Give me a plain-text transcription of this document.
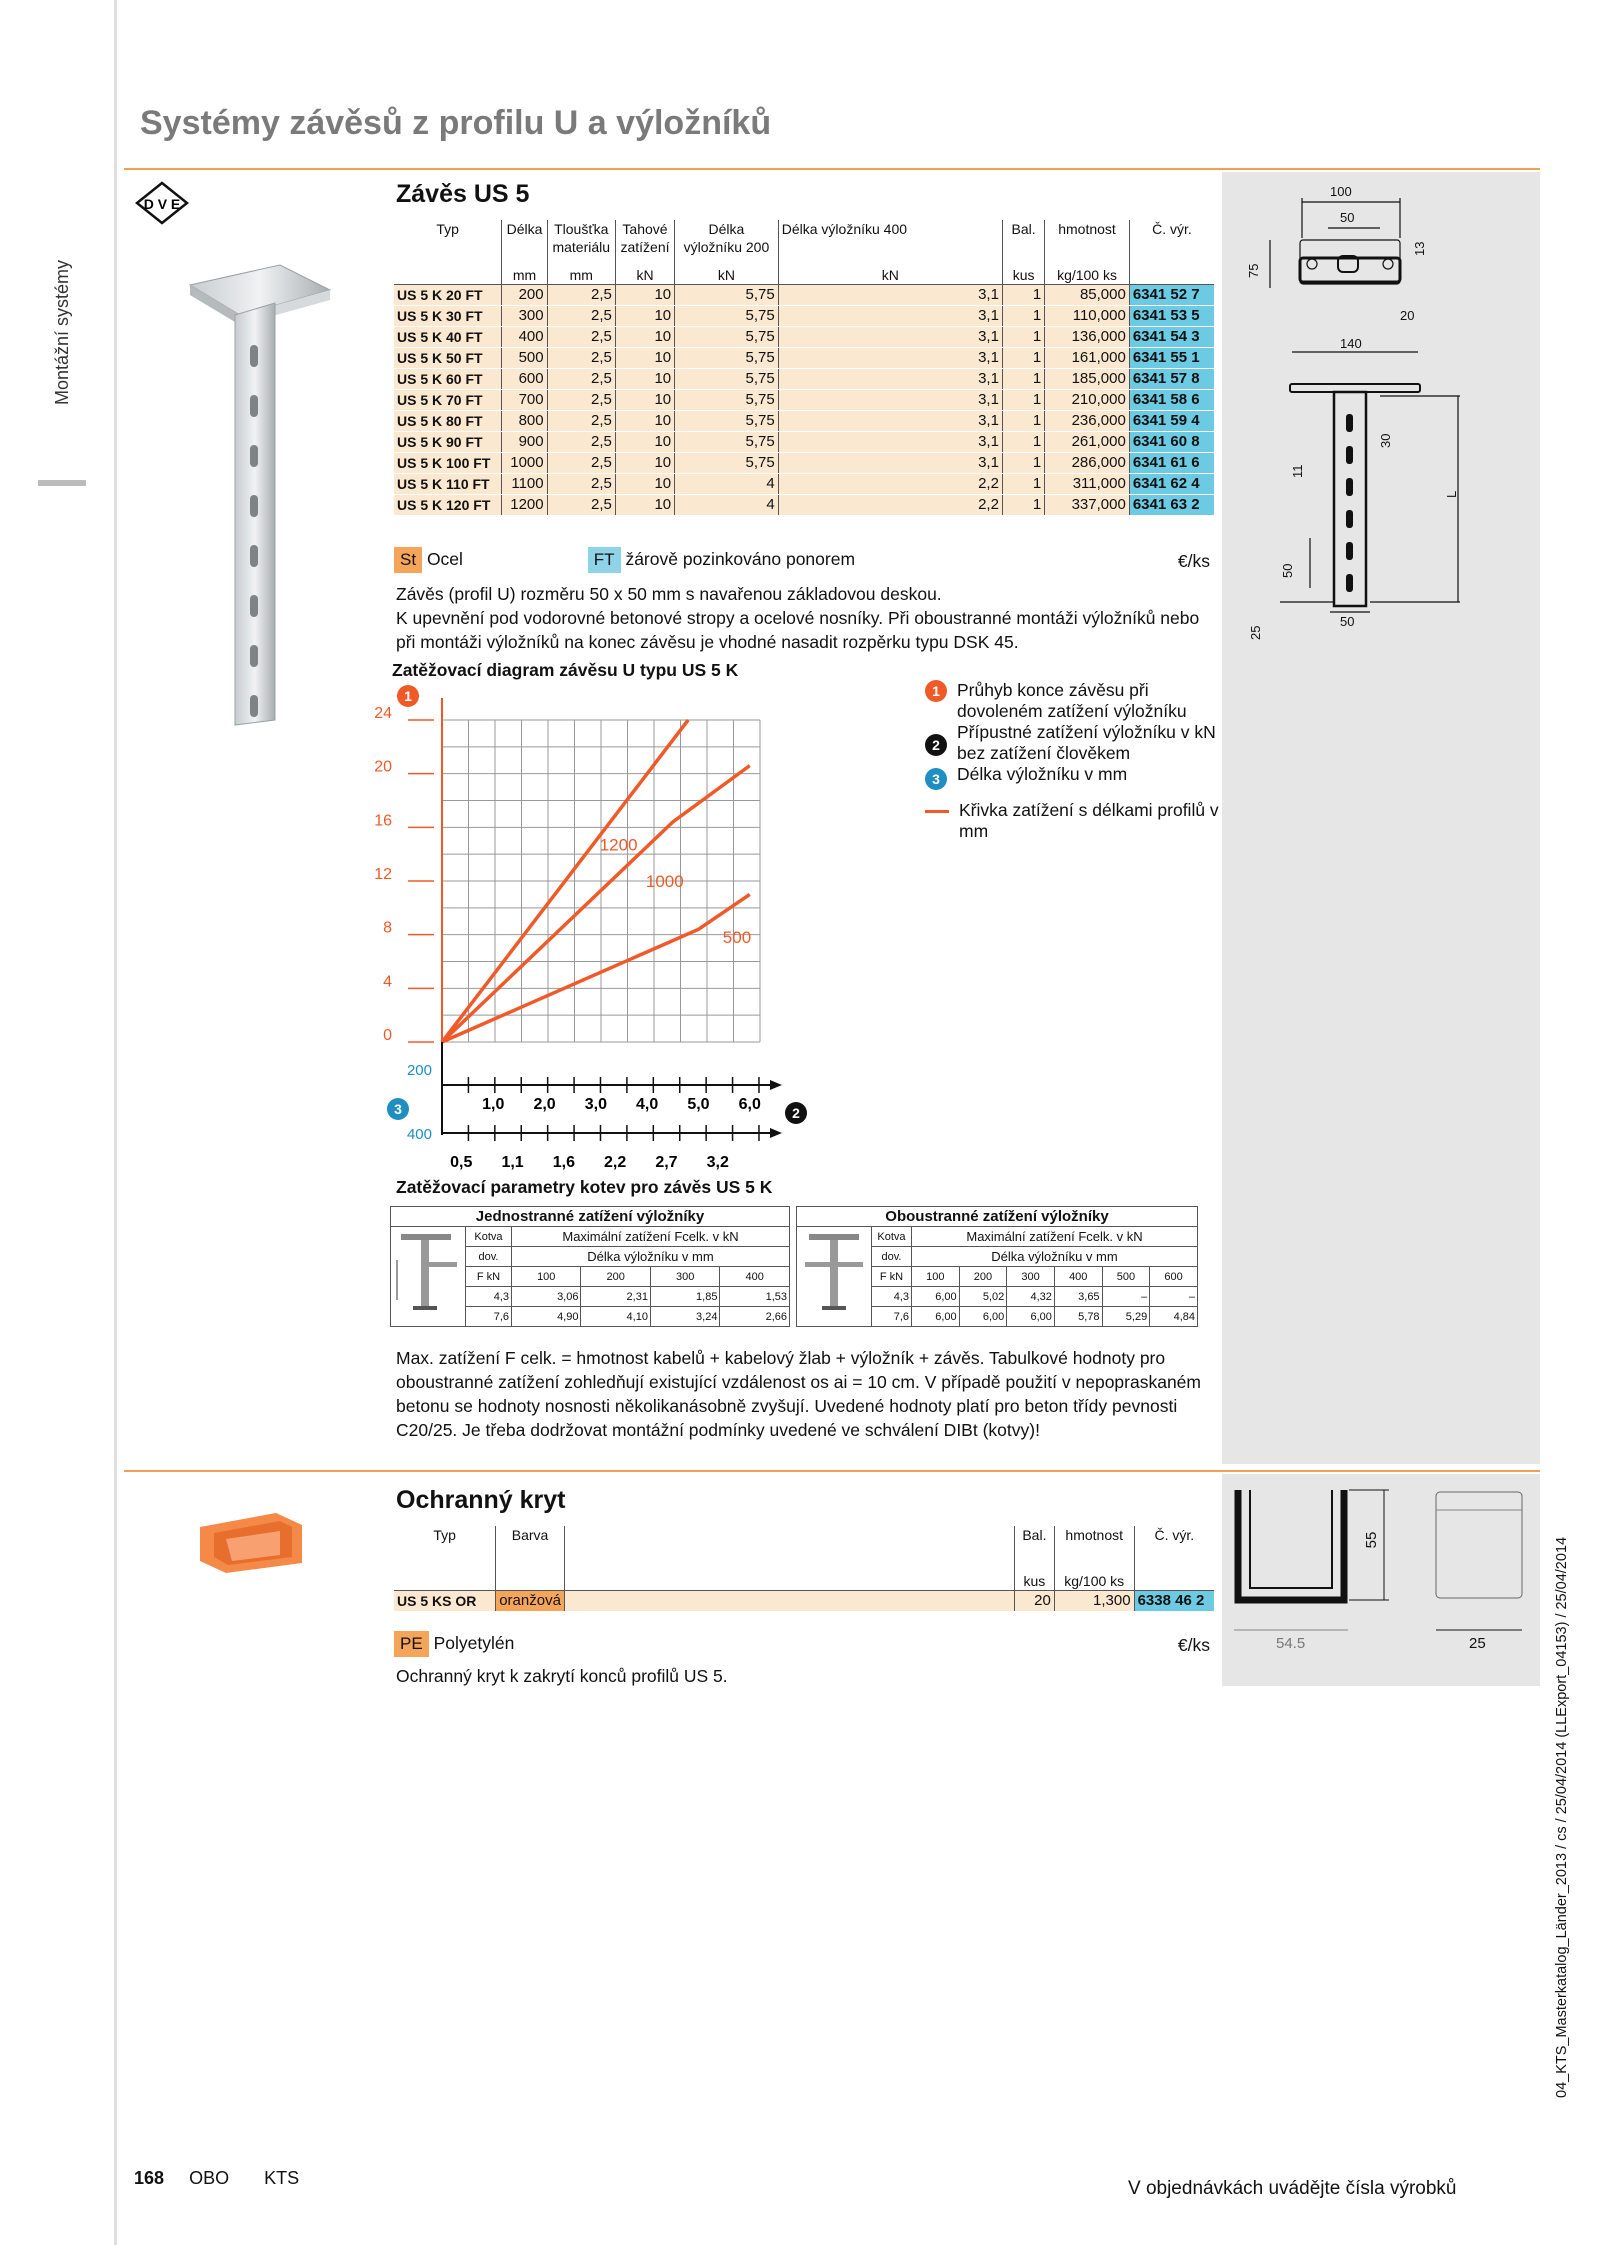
Montážní systémy
Systémy závěsů z profilu U a výložníků
D V E	Závěs US 5
Typ	Délka	Tloušťka materiálu	Tahové zatížení	Délka výložníku 200	Délka výložníku 400	Bal.	hmotnost	Č. výr.
	mm	mm	kN	kN	kN	kus	kg/100 ks	
US 5 K 20 FT	200	2,5	10	5,75	3,1	1	85,000	6341 52 7
US 5 K 30 FT	300	2,5	10	5,75	3,1	1	110,000	6341 53 5
US 5 K 40 FT	400	2,5	10	5,75	3,1	1	136,000	6341 54 3
US 5 K 50 FT	500	2,5	10	5,75	3,1	1	161,000	6341 55 1
US 5 K 60 FT	600	2,5	10	5,75	3,1	1	185,000	6341 57 8
US 5 K 70 FT	700	2,5	10	5,75	3,1	1	210,000	6341 58 6
US 5 K 80 FT	800	2,5	10	5,75	3,1	1	236,000	6341 59 4
US 5 K 90 FT	900	2,5	10	5,75	3,1	1	261,000	6341 60 8
US 5 K 100 FT	1000	2,5	10	5,75	3,1	1	286,000	6341 61 6
US 5 K 110 FT	1100	2,5	10	4	2,2	1	311,000	6341 62 4
US 5 K 120 FT	1200	2,5	10	4	2,2	1	337,000	6341 63 2
St Ocel	FT žárově pozinkováno ponorem	€/ks
Závěs (profil U) rozměru 50 x 50 mm s navařenou základovou deskou.
K upevnění pod vodorovné betonové stropy a ocelové nosníky. Při oboustranné montáži výložníků nebo při montáži výložníků na konec závěsu je vhodné nasadit rozpěrku typu DSK 45.
Zatěžovací diagram závěsu U typu US 5 K
24
20
16
12
8
4
0
1
1200
1000
500
1,0 2,0 3,0 4,0 5,0 6,0
0,5 1,1 1,6 2,2 2,7 3,2
200
400
3	2
1 Průhyb konce závěsu při dovoleném zatížení výložníku
2
Přípustné zatížení výložníku v kN bez zatížení člověkem
3 Délka výložníku v mm
Křivka zatížení s délkami profilů v mm
Zatěžovací parametry kotev pro závěs US 5 K
Jednostranné zatížení výložníky					
	Kotva	Maximální zatížení Fcelk. v kN			
	dov.	Délka výložníku v mm			
	F kN	100	200	300	400
	4,3	3,06	2,31	1,85	1,53
	7,6	4,90	4,10	3,24	2,66
Oboustranné zatížení výložníky							
	Kotva	Maximální zatížení Fcelk. v kN					
	dov.	Délka výložníku v mm					
	F kN	100	200	300	400	500	600
	4,3	6,00	5,02	4,32	3,65	–	–
	7,6	6,00	6,00	6,00	5,78	5,29	4,84
Max. zatížení F celk. = hmotnost kabelů + kabelový žlab + výložník + závěs. Tabulkové hodnoty pro oboustranné zatížení zohledňují existující vzdálenost os ai = 10 cm. V případě použití v nepopraskaném betonu se hodnoty nosnosti několikanásobně zvyšují. Uvedené hodnoty platí pro beton třídy pevnosti C20/25. Je třeba dodržovat montážní podmínky uvedené ve schválení DIBt (kotvy)!
100
50
75
13
20
140
30
11
L
50
25
50
Ochranný kryt
Typ	Barva		Bal.	hmotnost	Č. výr.
			kus	kg/100 ks	
US 5 KS OR	oranžová		20	1,300	6338 46 2
PE Polyetylén	€/ks
Ochranný kryt k zakrytí konců profilů US 5.
55
54.5	25
168 OBO KTS	V objednávkách uvádějte čísla výrobků
04_KTS_Masterkatalog_Länder_2013 / cs / 25/04/2014 (LLExport_04153) / 25/04/2014
